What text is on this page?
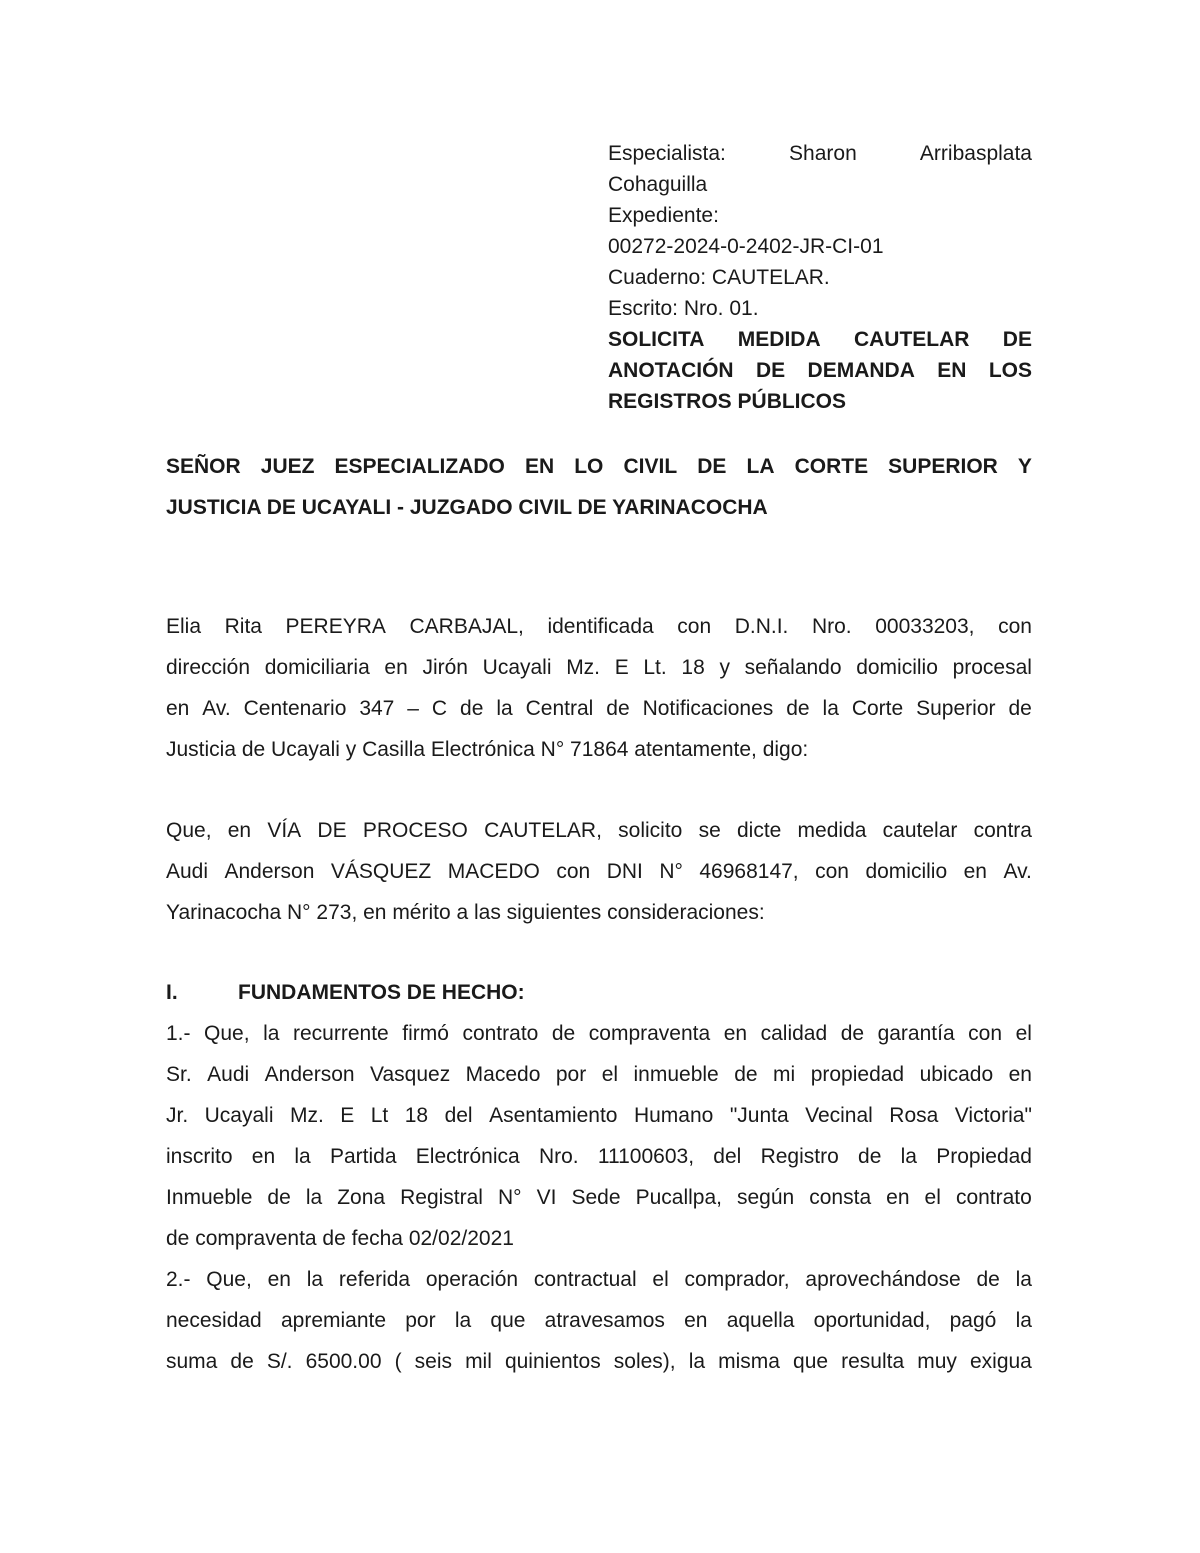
Especialista:	Sharon	Arribasplata
Cohaguilla
Expediente:
00272-2024-0-2402-JR-CI-01
Cuaderno: CAUTELAR.
Escrito: Nro. 01.
SOLICITA MEDIDA CAUTELAR DE
ANOTACIÓN DE DEMANDA EN LOS
REGISTROS PÚBLICOS
SEÑOR JUEZ ESPECIALIZADO EN LO CIVIL DE LA CORTE SUPERIOR Y
JUSTICIA DE UCAYALI - JUZGADO CIVIL DE YARINACOCHA
Elia Rita PEREYRA CARBAJAL, identificada con D.N.I. Nro. 00033203, con
dirección domiciliaria en Jirón Ucayali Mz. E Lt. 18 y señalando domicilio procesal
en Av. Centenario 347 – C de la Central de Notificaciones de la Corte Superior de
Justicia de Ucayali y Casilla Electrónica N° 71864 atentamente, digo:
Que, en VÍA DE PROCESO CAUTELAR, solicito se dicte medida cautelar contra
Audi Anderson VÁSQUEZ MACEDO con DNI N° 46968147, con domicilio en Av.
Yarinacocha N° 273, en mérito a las siguientes consideraciones:
I.	FUNDAMENTOS DE HECHO:
1.- Que, la recurrente firmó contrato de compraventa en calidad de garantía con el
Sr. Audi Anderson Vasquez Macedo por el inmueble de mi propiedad ubicado en
Jr. Ucayali Mz. E Lt 18 del Asentamiento Humano "Junta Vecinal Rosa Victoria"
inscrito en la Partida Electrónica Nro. 11100603, del Registro de la Propiedad
Inmueble de la Zona Registral N° VI Sede Pucallpa, según consta en el contrato
de compraventa de fecha 02/02/2021
2.- Que, en la referida operación contractual el comprador, aprovechándose de la
necesidad apremiante por la que atravesamos en aquella oportunidad, pagó la
suma de S/. 6500.00 ( seis mil quinientos soles), la misma que resulta muy exigua
